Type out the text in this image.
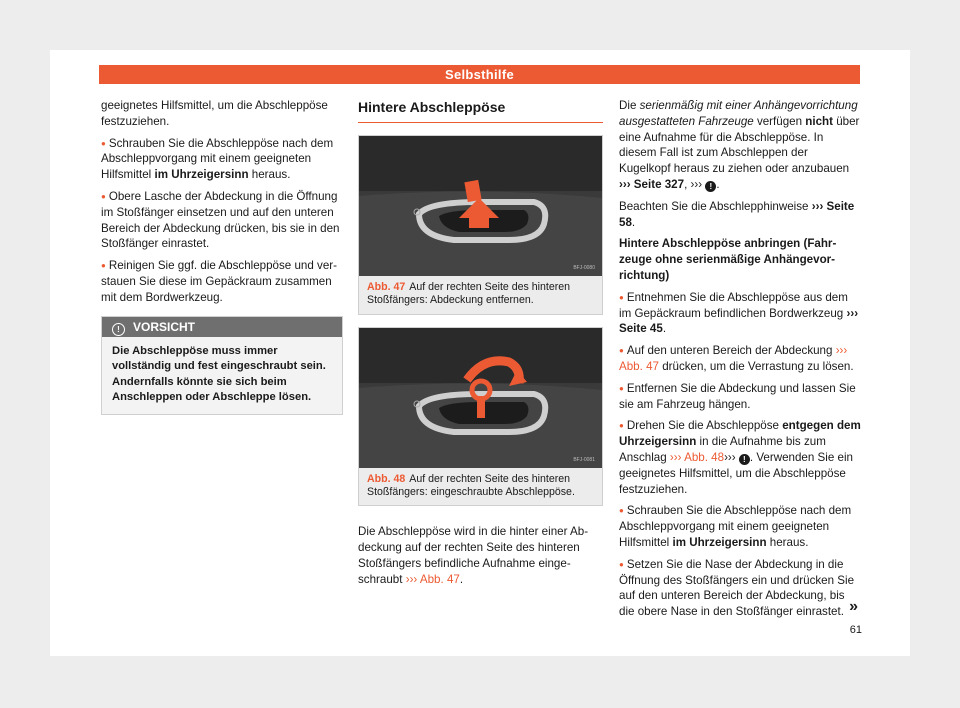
Selbsthilfe

geeignetes Hilfsmittel, um die Abschleppöse festzuziehen.

● Schrauben Sie die Abschleppöse nach dem Abschleppvorgang mit einem geeigneten Hilfsmittel im Uhrzeigersinn heraus.

● Obere Lasche der Abdeckung in die Öffnung im Stoßfänger einsetzen und auf den unteren Bereich der Abdeckung drücken, bis sie in den Stoßfänger einrastet.

● Reinigen Sie ggf. die Abschleppöse und verstauen Sie diese im Gepäckraum zusammen mit dem Bordwerkzeug.

! VORSICHT
Die Abschleppöse muss immer vollständig und fest eingeschraubt sein. Andernfalls könnte sie sich beim Anschleppen oder Abschleppe lösen.
Hintere Abschleppöse
BFJ-0080
Abb. 47 Auf der rechten Seite des hinteren Stoßfängers: Abdeckung entfernen.
BFJ-0081
Abb. 48 Auf der rechten Seite des hinteren Stoßfängers: eingeschraubte Abschleppöse.

Die Abschleppöse wird in die hinter einer Abdeckung auf der rechten Seite des hinteren Stoßfängers befindliche Aufnahme eingeschraubt ››› Abb. 47.

Die serienmäßig mit einer Anhängevorrichtung ausgestatteten Fahrzeuge verfügen nicht über eine Aufnahme für die Abschleppöse. In diesem Fall ist zum Abschleppen der Kugelkopf heraus zu ziehen oder anzubauen ››› Seite 327, ››› ! .

Beachten Sie die Abschlepphinweise ››› Seite 58.

Hintere Abschleppöse anbringen (Fahrzeuge ohne serienmäßige Anhängevorrichtung)

● Entnehmen Sie die Abschleppöse aus dem im Gepäckraum befindlichen Bordwerkzeug ››› Seite 45.

● Auf den unteren Bereich der Abdeckung ››› Abb. 47 drücken, um die Verrastung zu lösen.

● Entfernen Sie die Abdeckung und lassen Sie sie am Fahrzeug hängen.

● Drehen Sie die Abschleppöse entgegen dem Uhrzeigersinn in die Aufnahme bis zum Anschlag ››› Abb. 48››› ! . Verwenden Sie ein geeignetes Hilfsmittel, um die Abschleppöse festzuziehen.

● Schrauben Sie die Abschleppöse nach dem Abschleppvorgang mit einem geeigneten Hilfsmittel im Uhrzeigersinn heraus.

● Setzen Sie die Nase der Abdeckung in die Öffnung des Stoßfängers ein und drücken Sie auf den unteren Bereich der Abdeckung, bis die obere Nase in den Stoßfänger einrastet. »
61
